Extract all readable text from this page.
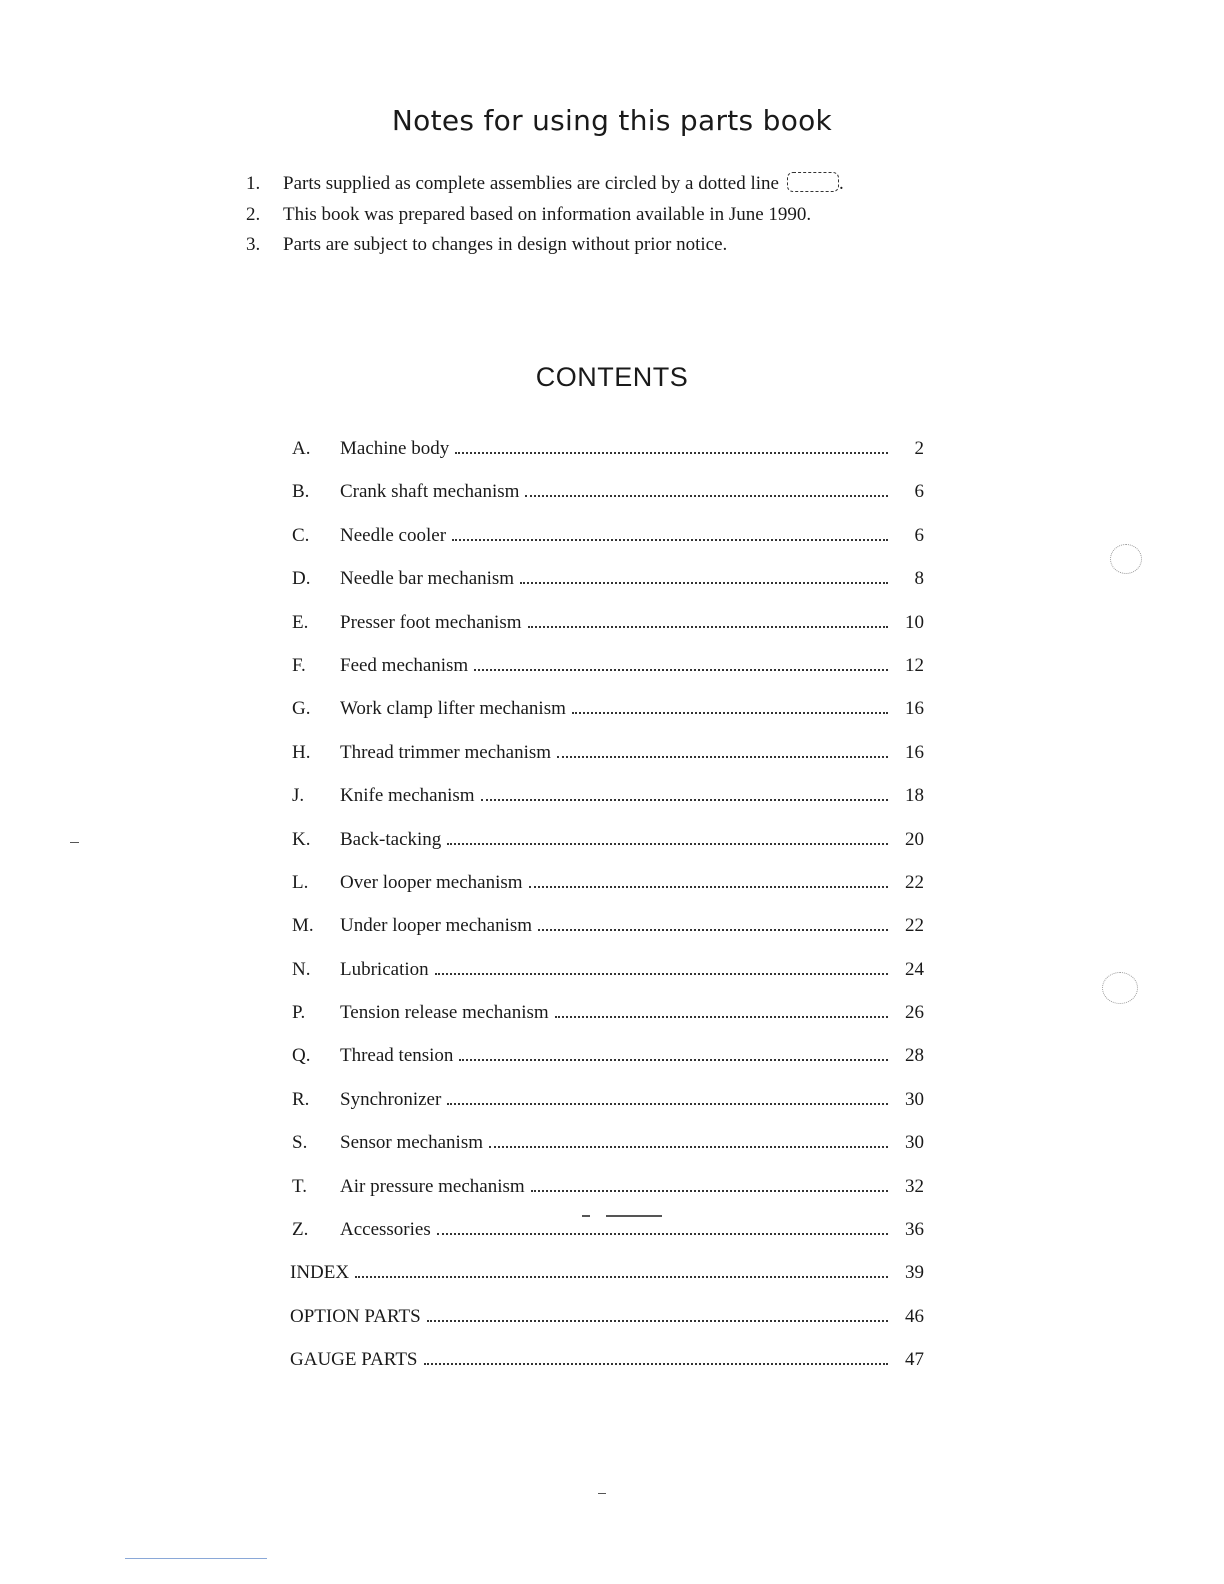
Notes for using this parts book
1.	Parts supplied as complete assemblies are circled by a dotted line	.
2.	This book was prepared based on information available in June 1990.
3.	Parts are subject to changes in design without prior notice.
CONTENTS
A.	Machine body	2
B.	Crank shaft mechanism	6
C.	Needle cooler	6
D.	Needle bar mechanism	8
E.	Presser foot mechanism	10
F.	Feed mechanism	12
G.	Work clamp lifter mechanism	16
H.	Thread trimmer mechanism	16
J.	Knife mechanism	18
K.	Back-tacking	20
L.	Over looper mechanism	22
M.	Under looper mechanism	22
N.	Lubrication	24
P.	Tension release mechanism	26
Q.	Thread tension	28
R.	Synchronizer	30
S.	Sensor mechanism	30
T.	Air pressure mechanism	32
Z.	Accessories	36
INDEX	39
OPTION PARTS	46
GAUGE PARTS	47
